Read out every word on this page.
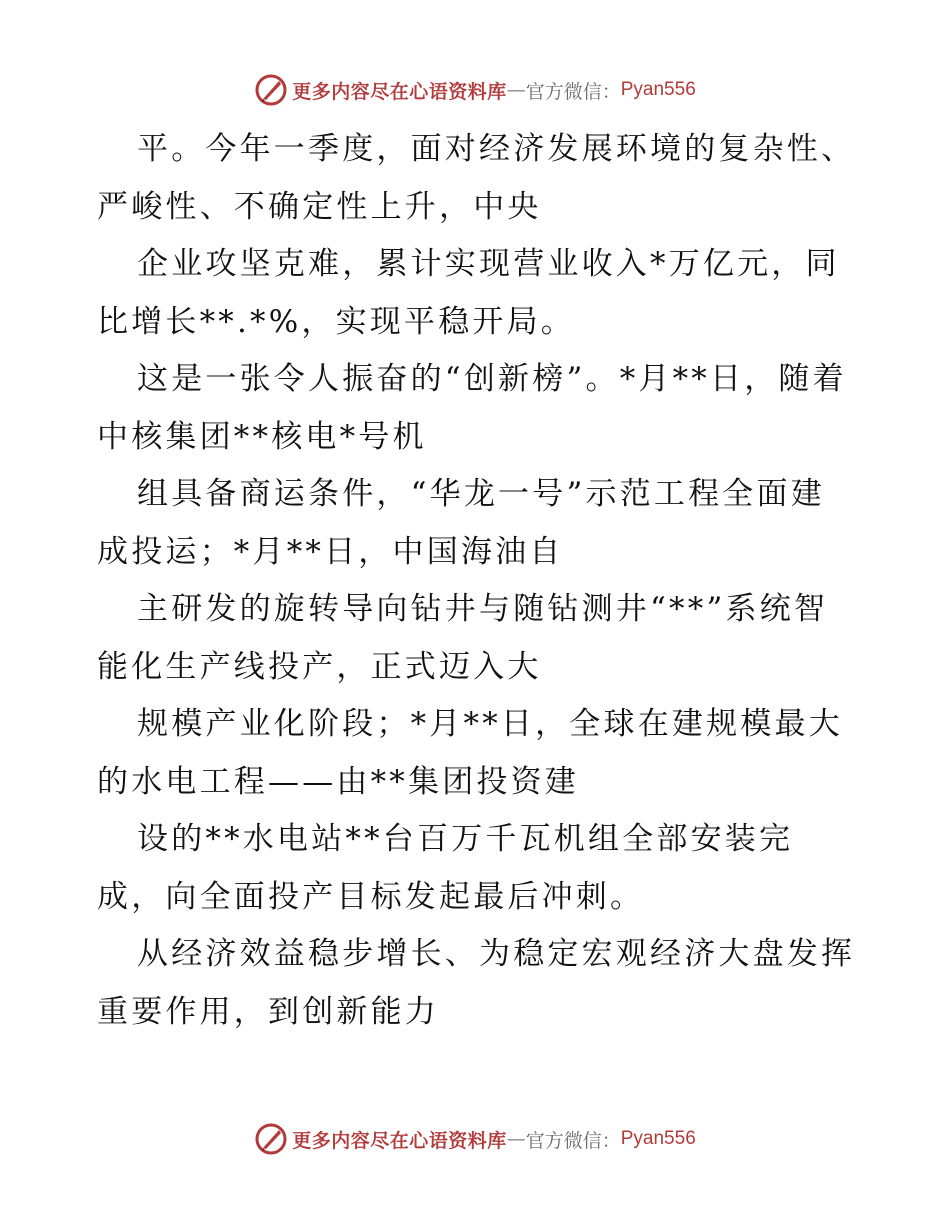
更多内容尽在心语资料库 — 官方微信： Pyan556

平。今年一季度，面对经济发展环境的复杂性、严峻性、不确定性上升，中央

企业攻坚克难，累计实现营业收入*万亿元，同比增长**.*%，实现平稳开局。

这是一张令人振奋的“创新榜”。*月**日，随着中核集团**核电*号机

组具备商运条件，“华龙一号”示范工程全面建成投运；*月**日，中国海油自

主研发的旋转导向钻井与随钻测井“**”系统智能化生产线投产，正式迈入大

规模产业化阶段；*月**日，全球在建规模最大的水电工程——由**集团投资建

设的**水电站**台百万千瓦机组全部安装完成，向全面投产目标发起最后冲刺。

从经济效益稳步增长、为稳定宏观经济大盘发挥重要作用，到创新能力

更多内容尽在心语资料库 — 官方微信： Pyan556
